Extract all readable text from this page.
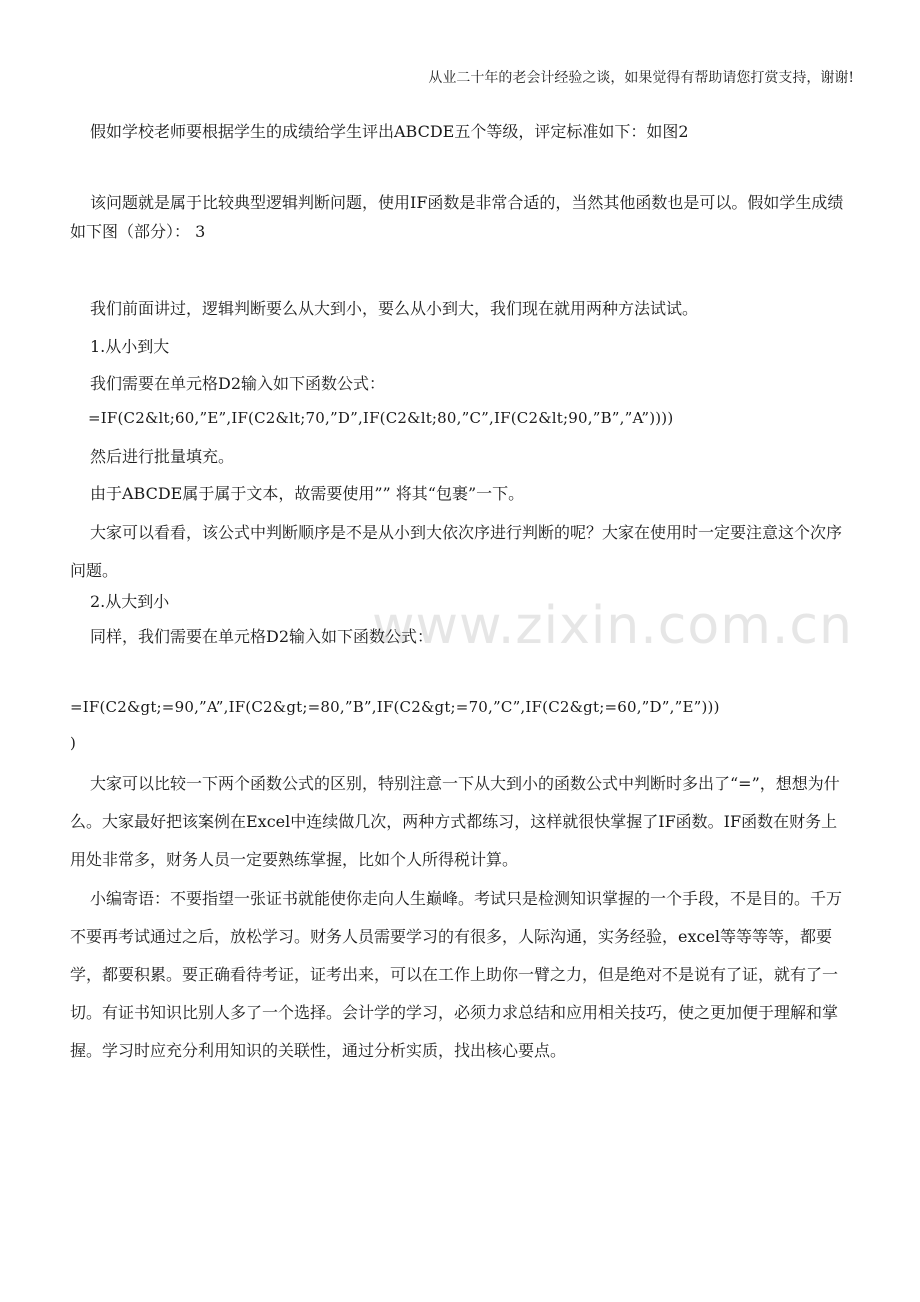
从业二十年的老会计经验之谈，如果觉得有帮助请您打赏支持，谢谢!
www.zixin.com.cn
假如学校老师要根据学生的成绩给学生评出ABCDE五个等级，评定标准如下：如图2
该问题就是属于比较典型逻辑判断问题，使用IF函数是非常合适的，当然其他函数也是可以。假如学生成绩如下图（部分）： 3
我们前面讲过，逻辑判断要么从大到小，要么从小到大，我们现在就用两种方法试试。
1.从小到大
我们需要在单元格D2输入如下函数公式：
=IF(C2&lt;60,”E”,IF(C2&lt;70,”D”,IF(C2&lt;80,”C”,IF(C2&lt;90,”B”,”A”))))
然后进行批量填充。
由于ABCDE属于属于文本，故需要使用”” 将其“包裹”一下。
大家可以看看，该公式中判断顺序是不是从小到大依次序进行判断的呢？大家在使用时一定要注意这个次序问题。
2.从大到小
同样，我们需要在单元格D2输入如下函数公式：
=IF(C2&gt;=90,”A”,IF(C2&gt;=80,”B”,IF(C2&gt;=70,”C”,IF(C2&gt;=60,”D”,”E”)))
)
大家可以比较一下两个函数公式的区别，特别注意一下从大到小的函数公式中判断时多出了“=”，想想为什么。大家最好把该案例在Excel中连续做几次，两种方式都练习，这样就很快掌握了IF函数。IF函数在财务上用处非常多，财务人员一定要熟练掌握，比如个人所得税计算。
小编寄语：不要指望一张证书就能使你走向人生巅峰。考试只是检测知识掌握的一个手段，不是目的。千万不要再考试通过之后，放松学习。财务人员需要学习的有很多，人际沟通，实务经验，excel等等等等，都要学，都要积累。要正确看待考证，证考出来，可以在工作上助你一臂之力，但是绝对不是说有了证，就有了一切。有证书知识比别人多了一个选择。会计学的学习，必须力求总结和应用相关技巧，使之更加便于理解和掌握。学习时应充分利用知识的关联性，通过分析实质，找出核心要点。
